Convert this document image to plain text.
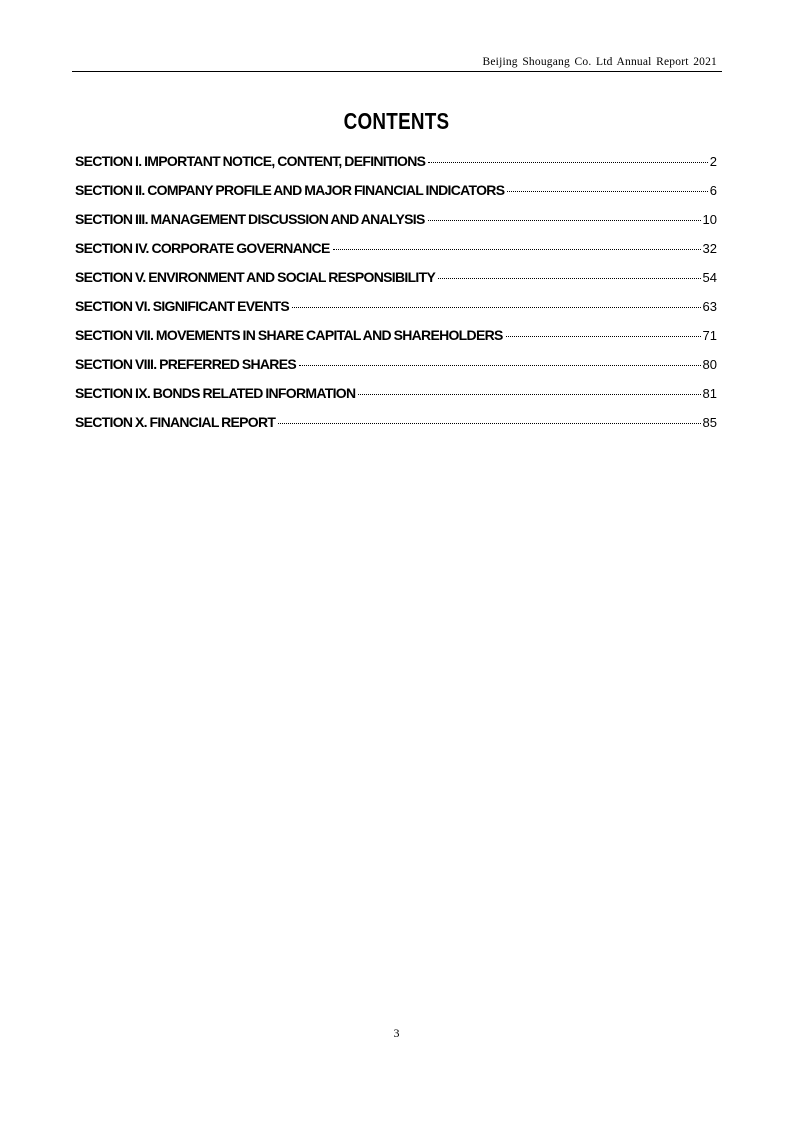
Beijing Shougang Co. Ltd Annual Report 2021
CONTENTS
SECTION I. IMPORTANT NOTICE, CONTENT, DEFINITIONS	2
SECTION II. COMPANY PROFILE AND MAJOR FINANCIAL INDICATORS	6
SECTION III. MANAGEMENT DISCUSSION AND ANALYSIS	10
SECTION IV. CORPORATE GOVERNANCE	32
SECTION V. ENVIRONMENT AND SOCIAL RESPONSIBILITY	54
SECTION VI. SIGNIFICANT EVENTS	63
SECTION VII. MOVEMENTS IN SHARE CAPITAL AND SHAREHOLDERS	71
SECTION VIII. PREFERRED SHARES	80
SECTION IX. BONDS RELATED INFORMATION	81
SECTION X. FINANCIAL REPORT	85
3
